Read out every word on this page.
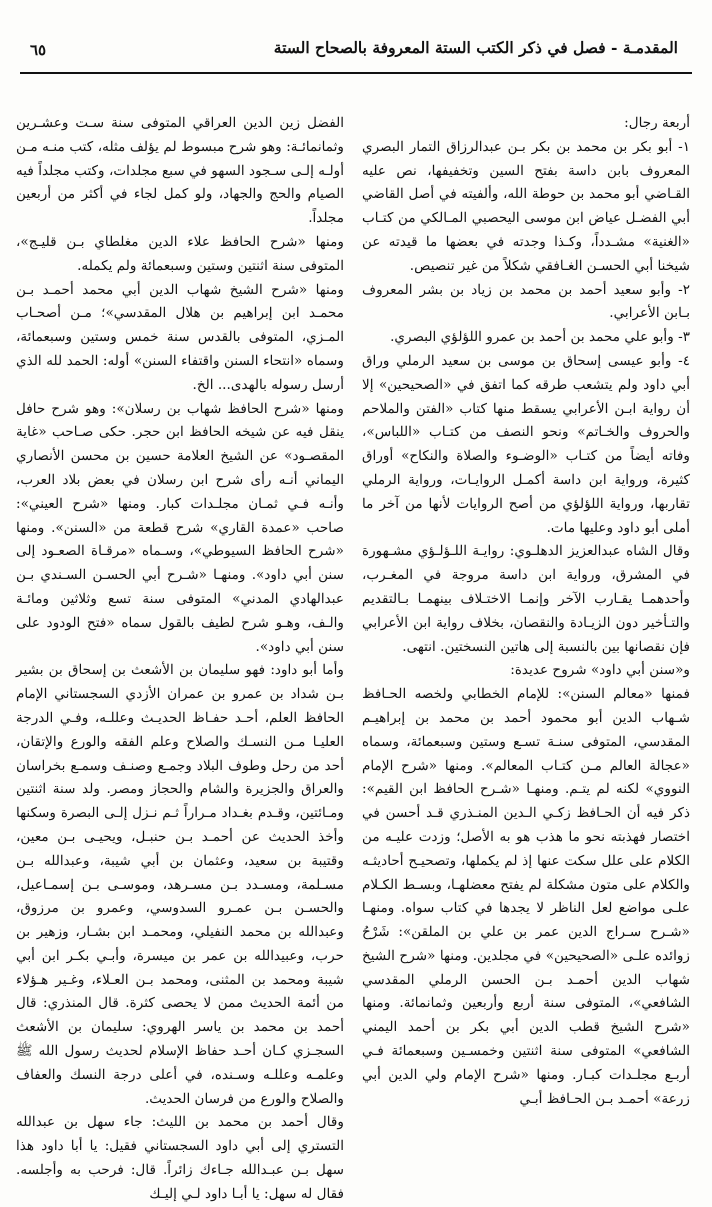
المقدمـة - فصل في ذكر الكتب الستة المعروفة بالصحاح الستة
٦٥

أربعة رجال:

١- أبو بكر بن محمد بن بكر بـن عبدالرزاق التمار البصري المعروف بابن داسة بفتح السين وتخفيفها، نص عليه القـاضي أبو محمد بن حوطة الله، وألفيته في أصل القاضي أبي الفضـل عياض ابن موسى اليحصبي المـالكي من كتـاب «الغنية» مشـدداً، وكـذا وجدته في بعضها ما قيدته عن شيخنا أبي الحسـن الغـافقي شكلاً من غير تنصيص.

٢- وأبو سعيد أحمد بن محمد بن زياد بن بشر المعروف بـابن الأعرابي.

٣- وأبو علي محمد بن أحمد بن عمرو اللؤلؤي البصري.

٤- وأبو عيسى إسحاق بن موسى بن سعيد الرملي وراق أبي داود ولم يتشعب طرقه كما اتفق في «الصحيحين» إلا أن رواية ابـن الأعرابي يسقط منها كتاب «الفتن والملاحم والحروف والخـاتم» ونحو النصف من كتـاب «اللباس»، وفاته أيضاً من كتـاب «الوضـوء والصلاة والنكاح» أوراق كثيرة، ورواية ابن داسة أكمـل الروايـات، ورواية الرملي تقاربها، ورواية اللؤلؤي من أصح الروايات لأنها من آخر ما أملى أبو داود وعليها مات.

وقال الشاه عبدالعزيز الدهلـوي: روايـة اللـؤلـؤي مشـهورة في المشرق، ورواية ابن داسة مروجة في المغـرب، وأحدهمـا يقـارب الآخر وإنمـا الاختـلاف بينهمـا بـالتقديم والتـأخير دون الزيـادة والنقصان، بخلاف رواية ابن الأعرابي فإن نقصانها بين بالنسبة إلى هاتين النسختين. انتهى.

و«سنن أبي داود» شروح عديدة:

فمنها «معالم السنن»: للإمام الخطابي ولخصه الحـافظ شـهاب الدين أبو محمود أحمد بن محمد بن إبراهيـم المقدسي، المتوفى سنـة تسـع وستين وسبعمائة، وسماه «عجالة العالم مـن كتـاب المعالم». ومنها «شرح الإمام النووي» لكنه لم يتـم. ومنهـا «شـرح الحافظ ابن القيم»: ذكر فيه أن الحـافظ زكـي الـدين المنـذري قـد أحسن في اختصار فهذبته نحو ما هذب هو به الأصل؛ وزدت عليـه من الكلام على علل سكت عنها إذ لم يكملها، وتصحيـح أحاديثـه والكلام على متون مشكلة لم يفتح معضلهـا، وبسـط الكـلام علـى مواضع لعل الناظر لا يجدها في كتاب سواه. ومنهـا «شـرح سـراج الدين عمر بن علي بن الملقن»: شَرْحُ زوائده علـى «الصحيحين» في مجلدين. ومنها «شرح الشيخ شهاب الدين أحمـد بـن الحسن الرملي المقدسي الشافعي»، المتوفى سنة أربع وأربعين وثمانمائة. ومنها «شرح الشيخ قطب الدين أبي بكر بن أحمد اليمني الشافعي» المتوفى سنة اثنتين وخمسـين وسبعمائة فـي أربـع مجلـدات كبـار. ومنها «شرح الإمام ولي الدين أبي زرعة» أحمـد بـن الحـافظ أبـي

الفضل زين الدين العراقي المتوفى سنة سـت وعشـرين وثمانمائـة: وهو شرح مبسوط لم يؤلف مثله، كتب منـه مـن أولـه إلـى سـجود السهو في سبع مجلدات، وكتب مجلداً فيه الصيام والحج والجهاد، ولو كمل لجاء في أكثر من أربعين مجلداً.

ومنها «شرح الحافظ علاء الدين مغلطاي بـن قليـج»، المتوفى سنة اثنتين وستين وسبعمائة ولم يكمله.

ومنها «شرح الشيخ شهاب الدين أبي محمد أحمـد بـن محمـد ابن إبراهيم بن هلال المقدسي»؛ مـن أصحـاب المـزي، المتوفى بالقدس سنة خمس وستين وسبعمائة، وسماه «انتحاء السنن واقتفاء السنن» أوله: الحمد لله الذي أرسل رسوله بالهدى... الخ.

ومنها «شرح الحافظ شهاب بن رسلان»: وهو شرح حافل ينقل فيه عن شيخه الحافظ ابن حجر. حكى صـاحب «غاية المقصـود» عن الشيخ العلامة حسين بن محسن الأنصاري اليماني أنـه رأى شرح ابن رسلان في بعض بلاد العرب، وأنـه فـي ثمـان مجلـدات كبار. ومنها «شرح العيني»: صاحب «عمدة القاري» شرح قطعة من «السنن». ومنها «شرح الحافظ السيوطي»، وسـماه «مرقـاة الصعـود إلى سنن أبي داود». ومنهـا «شـرح أبي الحسـن السـندي بـن عبدالهادي المدني» المتوفى سنة تسع وثلاثين ومائـة والـف، وهـو شرح لطيف بالقول سماه «فتح الودود على سنن أبي داود».

وأما أبو داود: فهو سليمان بن الأشعث بن إسحاق بن بشير بـن شداد بن عمرو بن عمران الأزدي السجستاني الإمام الحافظ العلم، أحـد حفـاظ الحديـث وعللـه، وفـي الدرجة العليـا مـن النسـك والصلاح وعلم الفقه والورع والإتقان، أحد من رحل وطوف البلاد وجمـع وصنـف وسمـع بخراسان والعراق والجزيرة والشام والحجاز ومصر. ولد سنة اثنتين ومـائتين، وقـدم بغـداد مـراراً ثـم نـزل إلـى البصرة وسكنها وأخذ الحديث عن أحمـد بـن حنبـل، ويحيـى بـن معين، وقتيبة بن سعيد، وعثمان بن أبي شيبة، وعبدالله بـن مسـلمة، ومسـدد بـن مسـرهد، وموسـى بـن إسمـاعيل، والحسـن بـن عمـرو السدوسي، وعمرو بن مرزوق، وعبدالله بن محمد النفيلي، ومحمـد ابن بشـار، وزهير بن حرب، وعبيدالله بن عمر بن ميسرة، وأبـي بكـر ابن أبي شيبة ومحمد بن المثنى، ومحمد بـن العـلاء، وغـير هـؤلاء من أئمة الحديث ممن لا يحصى كثرة. قال المنذري: قال أحمد بن محمد بن ياسر الهروي: سليمان بن الأشعث السجـزي كـان أحـد حفاظ الإسلام لحديث رسول الله ﷺ وعلمـه وعللـه وسـنده، في أعلى درجة النسك والعفاف والصلاح والورع من فرسان الحديث.

وقال أحمد بن محمد بن الليث: جاء سهل بن عبدالله التستري إلى أبي داود السجستاني فقيل: يا أبا داود هذا سهل بـن عبـدالله جـاءك زائراً. قال: فرحب به وأجلسه. فقال له سهل: يا أبـا داود لـي إليـك
